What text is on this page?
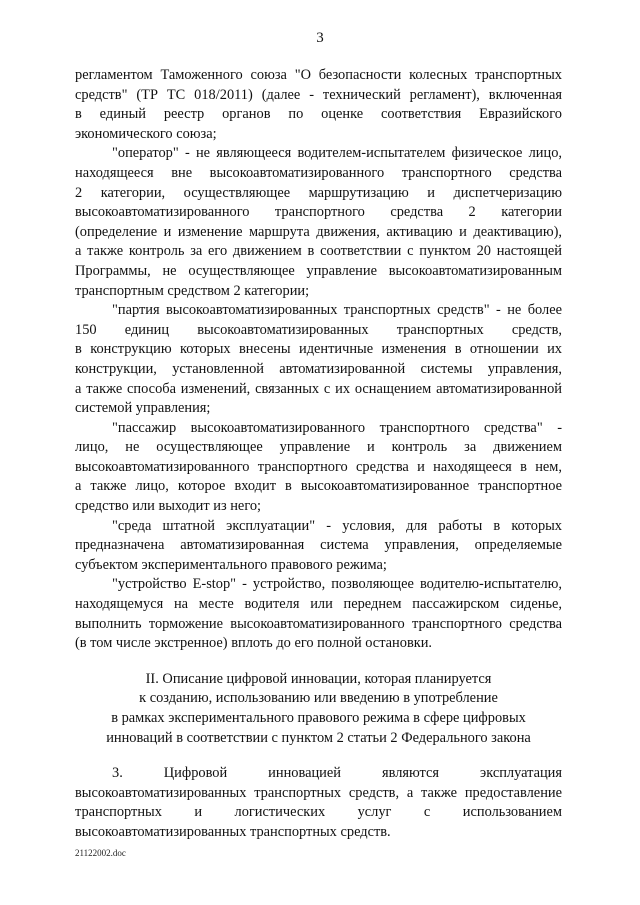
3
регламентом Таможенного союза "О безопасности колесных транспортных
средств" (ТР ТС 018/2011) (далее - технический регламент), включенная
в единый реестр органов по оценке соответствия Евразийского
экономического союза;
"оператор" - не являющееся водителем-испытателем физическое лицо,
находящееся вне высокоавтоматизированного транспортного средства
2 категории, осуществляющее маршрутизацию и диспетчеризацию
высокоавтоматизированного транспортного средства 2 категории
(определение и изменение маршрута движения, активацию и деактивацию),
а также контроль за его движением в соответствии с пунктом 20 настоящей
Программы, не осуществляющее управление высокоавтоматизированным
транспортным средством 2 категории;
"партия высокоавтоматизированных транспортных средств" - не более
150 единиц высокоавтоматизированных транспортных средств,
в конструкцию которых внесены идентичные изменения в отношении их
конструкции, установленной автоматизированной системы управления,
а также способа изменений, связанных с их оснащением автоматизированной
системой управления;
"пассажир высокоавтоматизированного транспортного средства" -
лицо, не осуществляющее управление и контроль за движением
высокоавтоматизированного транспортного средства и находящееся в нем,
а также лицо, которое входит в высокоавтоматизированное транспортное
средство или выходит из него;
"среда штатной эксплуатации" - условия, для работы в которых
предназначена автоматизированная система управления, определяемые
субъектом экспериментального правового режима;
"устройство E-stop" - устройство, позволяющее водителю-испытателю,
находящемуся на месте водителя или переднем пассажирском сиденье,
выполнить торможение высокоавтоматизированного транспортного средства
(в том числе экстренное) вплоть до его полной остановки.
II. Описание цифровой инновации, которая планируется
к созданию, использованию или введению в употребление
в рамках экспериментального правового режима в сфере цифровых
инноваций в соответствии с пунктом 2 статьи 2 Федерального закона
3. Цифровой инновацией являются эксплуатация
высокоавтоматизированных транспортных средств, а также предоставление
транспортных и логистических услуг с использованием
высокоавтоматизированных транспортных средств.
21122002.doc
